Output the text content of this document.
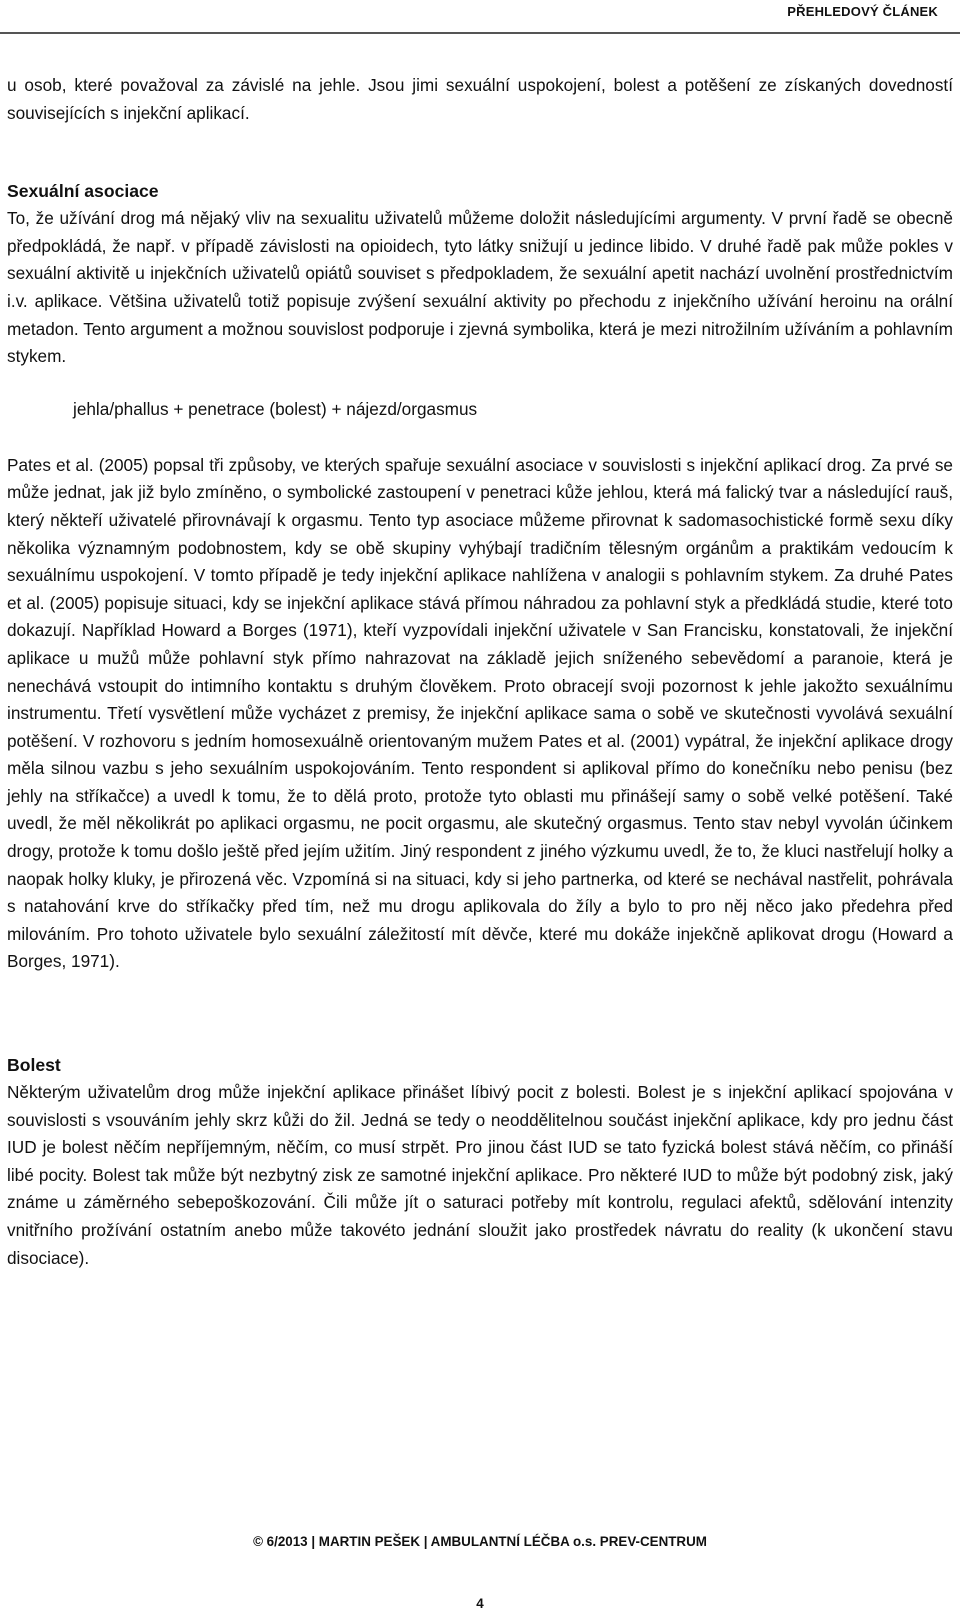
PŘEHLEDOVÝ ČLÁNEK

u osob, které považoval za závislé na jehle. Jsou jimi sexuální uspokojení, bolest a potěšení ze získaných dovedností souvisejících s injekční aplikací.

Sexuální asociace

To, že užívání drog má nějaký vliv na sexualitu uživatelů můžeme doložit následujícími argumenty. V první řadě se obecně předpokládá, že např. v případě závislosti na opioidech, tyto látky snižují u jedince libido. V druhé řadě pak může pokles v sexuální aktivitě u injekčních uživatelů opiátů souviset s předpokladem, že sexuální apetit nachází uvolnění prostřednictvím i.v. aplikace. Většina uživatelů totiž popisuje zvýšení sexuální aktivity po přechodu z injekčního užívání heroinu na orální metadon. Tento argument a možnou souvislost podporuje i zjevná symbolika, která je mezi nitrožilním užíváním a pohlavním stykem.

jehla/phallus + penetrace (bolest) + nájezd/orgasmus

Pates et al. (2005) popsal tři způsoby, ve kterých spařuje sexuální asociace v souvislosti s injekční aplikací drog. Za prvé se může jednat, jak již bylo zmíněno, o symbolické zastoupení v penetraci kůže jehlou, která má falický tvar a následující rauš, který někteří uživatelé přirovnávají k orgasmu. Tento typ asociace můžeme přirovnat k sadomasochistické formě sexu díky několika významným podobnostem, kdy se obě skupiny vyhýbají tradičním tělesným orgánům a praktikám vedoucím k sexuálnímu uspokojení. V tomto případě je tedy injekční aplikace nahlížena v analogii s pohlavním stykem. Za druhé Pates et al. (2005) popisuje situaci, kdy se injekční aplikace stává přímou náhradou za pohlavní styk a předkládá studie, které toto dokazují. Například Howard a Borges (1971), kteří vyzpovídali injekční uživatele v San Francisku, konstatovali, že injekční aplikace u mužů může pohlavní styk přímo nahrazovat na základě jejich sníženého sebevědomí a paranoie, která je nenechává vstoupit do intimního kontaktu s druhým člověkem. Proto obracejí svoji pozornost k jehle jakožto sexuálnímu instrumentu. Třetí vysvětlení může vycházet z premisy, že injekční aplikace sama o sobě ve skutečnosti vyvolává sexuální potěšení. V rozhovoru s jedním homosexuálně orientovaným mužem Pates et al. (2001) vypátral, že injekční aplikace drogy měla silnou vazbu s jeho sexuálním uspokojováním. Tento respondent si aplikoval přímo do konečníku nebo penisu (bez jehly na stříkačce) a uvedl k tomu, že to dělá proto, protože tyto oblasti mu přinášejí samy o sobě velké potěšení. Také uvedl, že měl několikrát po aplikaci orgasmu, ne pocit orgasmu, ale skutečný orgasmus. Tento stav nebyl vyvolán účinkem drogy, protože k tomu došlo ještě před jejím užitím. Jiný respondent z jiného výzkumu uvedl, že to, že kluci nastřelují holky a naopak holky kluky, je přirozená věc. Vzpomíná si na situaci, kdy si jeho partnerka, od které se nechával nastřelit, pohrávala s natahování krve do stříkačky před tím, než mu drogu aplikovala do žíly a bylo to pro něj něco jako předehra před milováním. Pro tohoto uživatele bylo sexuální záležitostí mít děvče, které mu dokáže injekčně aplikovat drogu (Howard a Borges, 1971).

Bolest

Některým uživatelům drog může injekční aplikace přinášet líbivý pocit z bolesti. Bolest je s injekční aplikací spojována v souvislosti s vsouváním jehly skrz kůži do žil. Jedná se tedy o neoddělitelnou součást injekční aplikace, kdy pro jednu část IUD je bolest něčím nepříjemným, něčím, co musí strpět. Pro jinou část IUD se tato fyzická bolest stává něčím, co přináší libé pocity. Bolest tak může být nezbytný zisk ze samotné injekční aplikace. Pro některé IUD to může být podobný zisk, jaký známe u záměrného sebepoškozování. Čili může jít o saturaci potřeby mít kontrolu, regulaci afektů, sdělování intenzity vnitřního prožívání ostatním anebo může takovéto jednání sloužit jako prostředek návratu do reality (k ukončení stavu disociace).

© 6/2013 | MARTIN PEŠEK | AMBULANTNÍ LÉČBA o.s. PREV-CENTRUM
4
